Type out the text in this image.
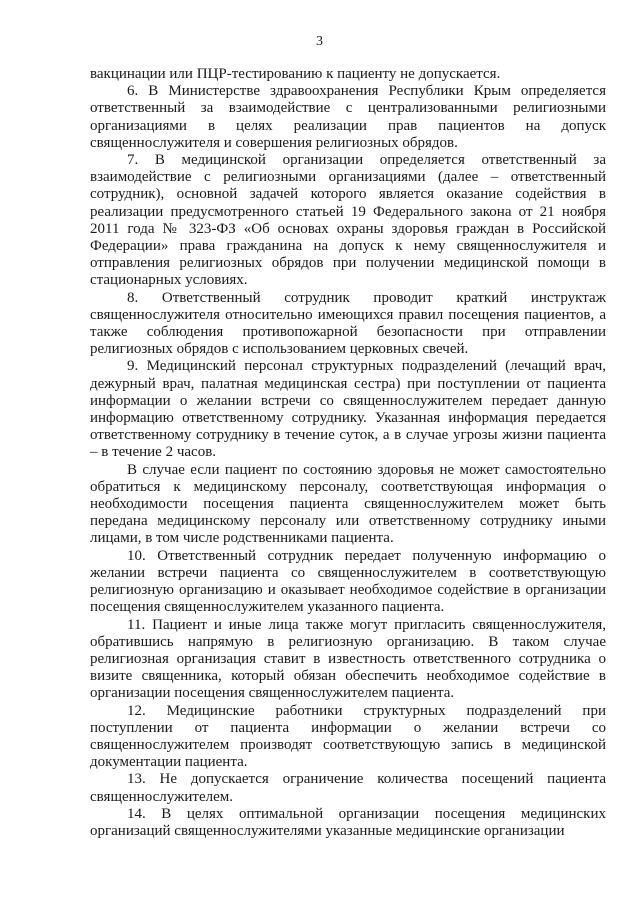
3

вакцинации или ПЦР-тестированию к пациенту не допускается.

6. В Министерстве здравоохранения Республики Крым определяется ответственный за взаимодействие с централизованными религиозными организациями в целях реализации прав пациентов на допуск священнослужителя и совершения религиозных обрядов.

7. В медицинской организации определяется ответственный за взаимодействие с религиозными организациями (далее – ответственный сотрудник), основной задачей которого является оказание содействия в реализации предусмотренного статьей 19 Федерального закона от 21 ноября 2011 года № 323-ФЗ «Об основах охраны здоровья граждан в Российской Федерации» права гражданина на допуск к нему священнослужителя и отправления религиозных обрядов при получении медицинской помощи в стационарных условиях.

8. Ответственный сотрудник проводит краткий инструктаж священнослужителя относительно имеющихся правил посещения пациентов, а также соблюдения противопожарной безопасности при отправлении религиозных обрядов с использованием церковных свечей.

9. Медицинский персонал структурных подразделений (лечащий врач, дежурный врач, палатная медицинская сестра) при поступлении от пациента информации о желании встречи со священнослужителем передает данную информацию ответственному сотруднику. Указанная информация передается ответственному сотруднику в течение суток, а в случае угрозы жизни пациента – в течение 2 часов.

В случае если пациент по состоянию здоровья не может самостоятельно обратиться к медицинскому персоналу, соответствующая информация о необходимости посещения пациента священнослужителем может быть передана медицинскому персоналу или ответственному сотруднику иными лицами, в том числе родственниками пациента.

10. Ответственный сотрудник передает полученную информацию о желании встречи пациента со священнослужителем в соответствующую религиозную организацию и оказывает необходимое содействие в организации посещения священнослужителем указанного пациента.

11. Пациент и иные лица также могут пригласить священнослужителя, обратившись напрямую в религиозную организацию. В таком случае религиозная организация ставит в известность ответственного сотрудника о визите священника, который обязан обеспечить необходимое содействие в организации посещения священнослужителем пациента.

12. Медицинские работники структурных подразделений при поступлении от пациента информации о желании встречи со священнослужителем производят соответствующую запись в медицинской документации пациента.

13. Не допускается ограничение количества посещений пациента священнослужителем.

14. В целях оптимальной организации посещения медицинских организаций священнослужителями указанные медицинские организации
